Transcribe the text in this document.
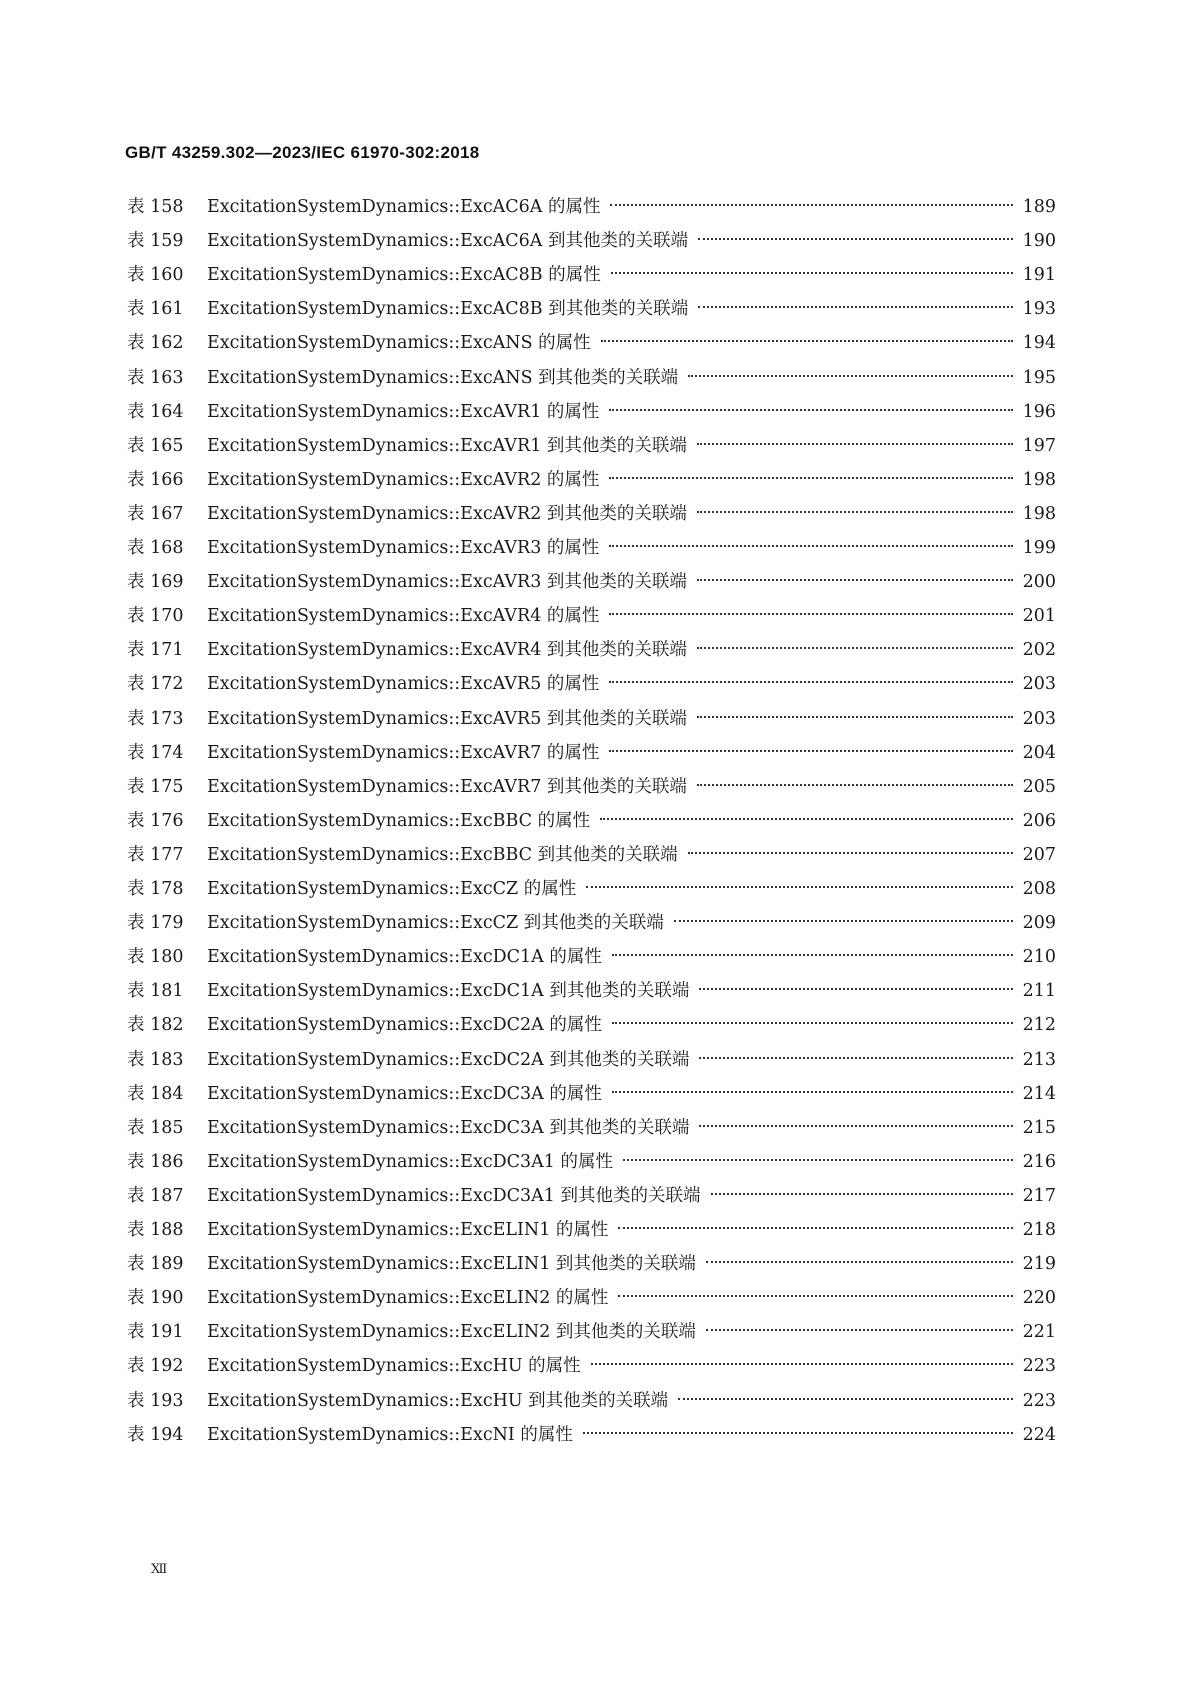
GB/T 43259.302—2023/IEC 61970-302:2018
表 158	ExcitationSystemDynamics::ExcAC6A 的属性	189
表 159	ExcitationSystemDynamics::ExcAC6A 到其他类的关联端	190
表 160	ExcitationSystemDynamics::ExcAC8B 的属性	191
表 161	ExcitationSystemDynamics::ExcAC8B 到其他类的关联端	193
表 162	ExcitationSystemDynamics::ExcANS 的属性	194
表 163	ExcitationSystemDynamics::ExcANS 到其他类的关联端	195
表 164	ExcitationSystemDynamics::ExcAVR1 的属性	196
表 165	ExcitationSystemDynamics::ExcAVR1 到其他类的关联端	197
表 166	ExcitationSystemDynamics::ExcAVR2 的属性	198
表 167	ExcitationSystemDynamics::ExcAVR2 到其他类的关联端	198
表 168	ExcitationSystemDynamics::ExcAVR3 的属性	199
表 169	ExcitationSystemDynamics::ExcAVR3 到其他类的关联端	200
表 170	ExcitationSystemDynamics::ExcAVR4 的属性	201
表 171	ExcitationSystemDynamics::ExcAVR4 到其他类的关联端	202
表 172	ExcitationSystemDynamics::ExcAVR5 的属性	203
表 173	ExcitationSystemDynamics::ExcAVR5 到其他类的关联端	203
表 174	ExcitationSystemDynamics::ExcAVR7 的属性	204
表 175	ExcitationSystemDynamics::ExcAVR7 到其他类的关联端	205
表 176	ExcitationSystemDynamics::ExcBBC 的属性	206
表 177	ExcitationSystemDynamics::ExcBBC 到其他类的关联端	207
表 178	ExcitationSystemDynamics::ExcCZ 的属性	208
表 179	ExcitationSystemDynamics::ExcCZ 到其他类的关联端	209
表 180	ExcitationSystemDynamics::ExcDC1A 的属性	210
表 181	ExcitationSystemDynamics::ExcDC1A 到其他类的关联端	211
表 182	ExcitationSystemDynamics::ExcDC2A 的属性	212
表 183	ExcitationSystemDynamics::ExcDC2A 到其他类的关联端	213
表 184	ExcitationSystemDynamics::ExcDC3A 的属性	214
表 185	ExcitationSystemDynamics::ExcDC3A 到其他类的关联端	215
表 186	ExcitationSystemDynamics::ExcDC3A1 的属性	216
表 187	ExcitationSystemDynamics::ExcDC3A1 到其他类的关联端	217
表 188	ExcitationSystemDynamics::ExcELIN1 的属性	218
表 189	ExcitationSystemDynamics::ExcELIN1 到其他类的关联端	219
表 190	ExcitationSystemDynamics::ExcELIN2 的属性	220
表 191	ExcitationSystemDynamics::ExcELIN2 到其他类的关联端	221
表 192	ExcitationSystemDynamics::ExcHU 的属性	223
表 193	ExcitationSystemDynamics::ExcHU 到其他类的关联端	223
表 194	ExcitationSystemDynamics::ExcNI 的属性	224
Ⅻ
